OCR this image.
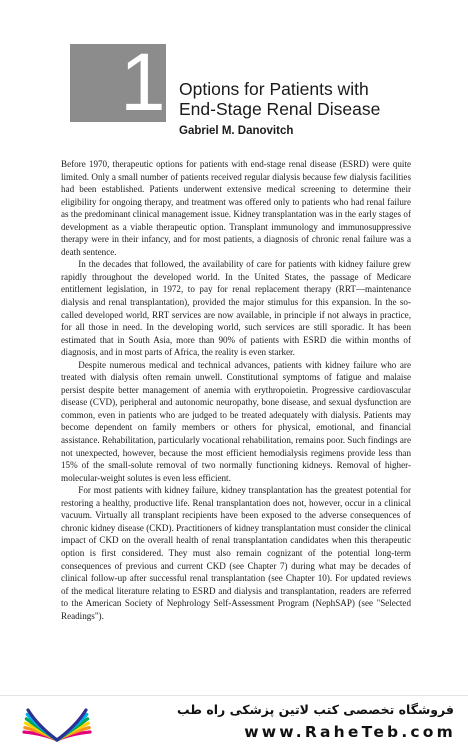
1 Options for Patients with
End-Stage Renal Disease
Gabriel M. Danovitch

Before 1970, therapeutic options for patients with end-stage renal disease (ESRD) were quite limited. Only a small number of patients received regular dialysis because few dialysis facilities had been established. Patients underwent extensive medical screening to determine their eligibility for ongoing therapy, and treatment was offered only to patients who had renal failure as the predominant clinical management issue. Kidney transplantation was in the early stages of development as a viable therapeutic option. Transplant immunology and immunosuppressive therapy were in their infancy, and for most patients, a diagnosis of chronic renal failure was a death sentence.

In the decades that followed, the availability of care for patients with kidney failure grew rapidly throughout the developed world. In the United States, the passage of Medicare entitlement legislation, in 1972, to pay for renal replacement therapy (RRT—maintenance dialysis and renal transplantation), provided the major stimulus for this expansion. In the so-called developed world, RRT services are now available, in principle if not always in practice, for all those in need. In the developing world, such services are still sporadic. It has been estimated that in South Asia, more than 90% of patients with ESRD die within months of diagnosis, and in most parts of Africa, the reality is even starker.

Despite numerous medical and technical advances, patients with kidney failure who are treated with dialysis often remain unwell. Constitutional symptoms of fatigue and malaise persist despite better management of anemia with erythropoietin. Progressive cardiovascular disease (CVD), peripheral and autonomic neuropathy, bone disease, and sexual dysfunction are common, even in patients who are judged to be treated adequately with dialysis. Patients may become dependent on family members or others for physical, emotional, and financial assistance. Rehabilitation, particularly vocational rehabilitation, remains poor. Such findings are not unexpected, however, because the most efficient hemodialysis regimens provide less than 15% of the small-solute removal of two normally functioning kidneys. Removal of higher-molecular-weight solutes is even less efficient.

For most patients with kidney failure, kidney transplantation has the greatest potential for restoring a healthy, productive life. Renal transplantation does not, however, occur in a clinical vacuum. Virtually all transplant recipients have been exposed to the adverse consequences of chronic kidney disease (CKD). Practitioners of kidney transplantation must consider the clinical impact of CKD on the overall health of renal transplantation candidates when this therapeutic option is first considered. They must also remain cognizant of the potential long-term consequences of previous and current CKD (see Chapter 7) during what may be decades of clinical follow-up after successful renal transplantation (see Chapter 10). For updated reviews of the medical literature relating to ESRD and dialysis and transplantation, readers are referred to the American Society of Nephrology Self-Assessment Program (NephSAP) (see "Selected Readings").

فروشگاه تخصصی کتب لاتین پزشکی راه طب
www.RaheTeb.com
